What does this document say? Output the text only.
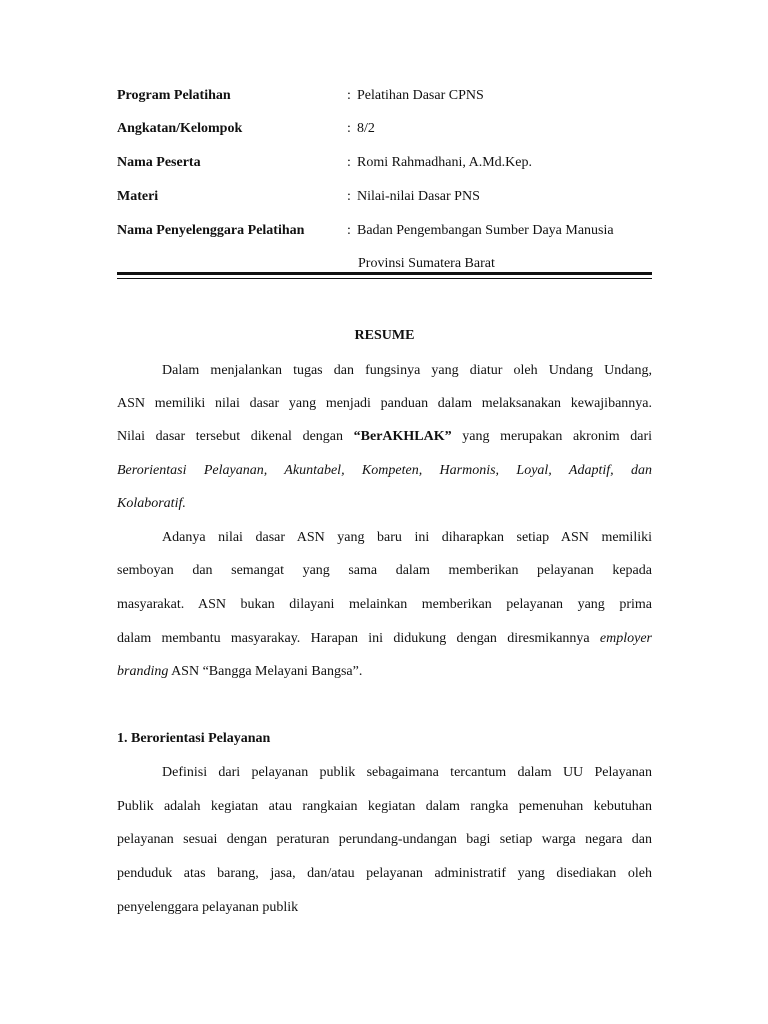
Program Pelatihan	: Pelatihan Dasar CPNS
Angkatan/Kelompok	: 8/2
Nama Peserta	: Romi Rahmadhani, A.Md.Kep.
Materi	: Nilai-nilai Dasar PNS
Nama Penyelenggara Pelatihan	: Badan Pengembangan Sumber Daya Manusia
Provinsi Sumatera Barat
RESUME
Dalam menjalankan tugas dan fungsinya yang diatur oleh Undang Undang,
ASN memiliki nilai dasar yang menjadi panduan dalam melaksanakan kewajibannya.
Nilai dasar tersebut dikenal dengan “BerAKHLAK” yang merupakan akronim dari
Berorientasi Pelayanan, Akuntabel, Kompeten, Harmonis, Loyal, Adaptif, dan
Kolaboratif.
Adanya nilai dasar ASN yang baru ini diharapkan setiap ASN memiliki
semboyan dan semangat yang sama dalam memberikan pelayanan kepada
masyarakat. ASN bukan dilayani melainkan memberikan pelayanan yang prima
dalam membantu masyarakay. Harapan ini didukung dengan diresmikannya employer
branding ASN “Bangga Melayani Bangsa”.
1. Berorientasi Pelayanan
Definisi dari pelayanan publik sebagaimana tercantum dalam UU Pelayanan
Publik adalah kegiatan atau rangkaian kegiatan dalam rangka pemenuhan kebutuhan
pelayanan sesuai dengan peraturan perundang-undangan bagi setiap warga negara dan
penduduk atas barang, jasa, dan/atau pelayanan administratif yang disediakan oleh
penyelenggara pelayanan publik
